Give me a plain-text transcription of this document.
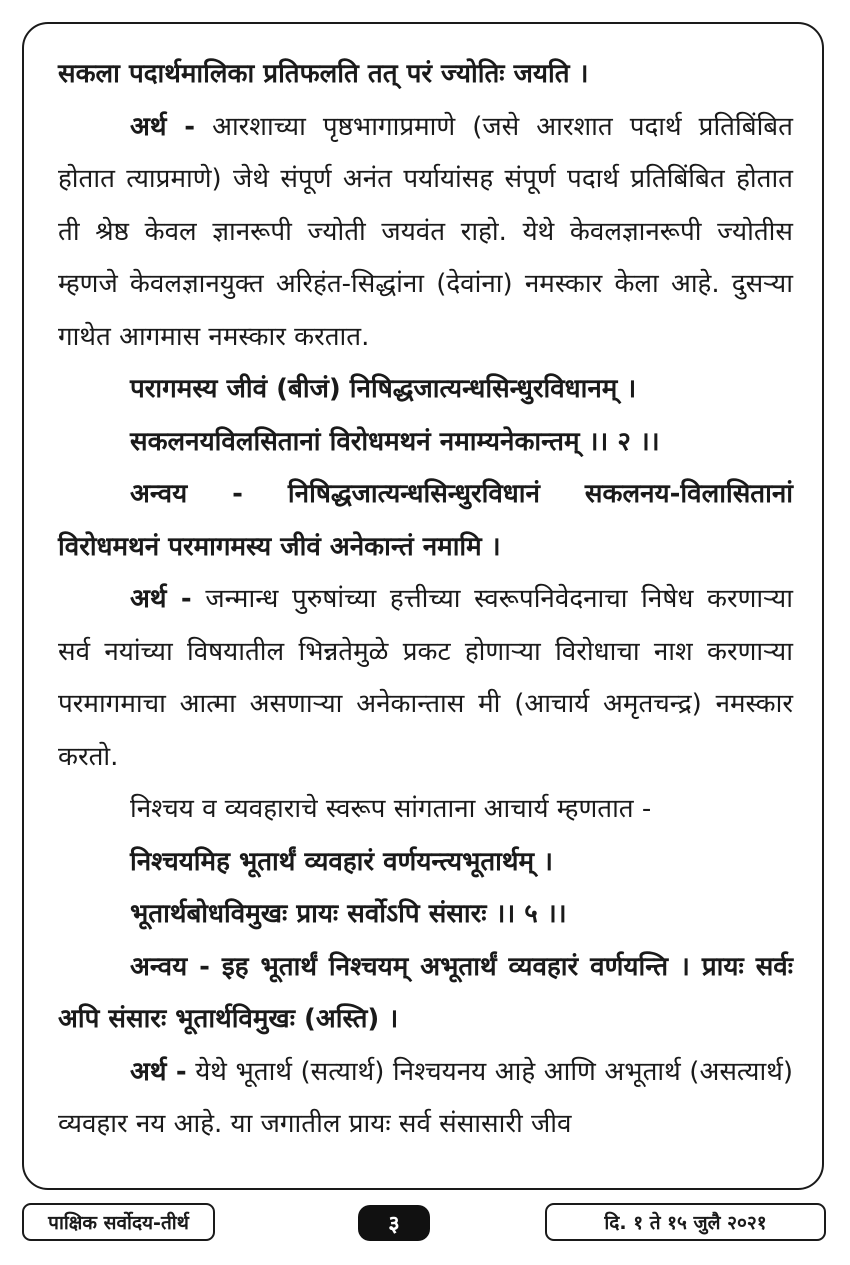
सकला पदार्थमालिका प्रतिफलति तत् परं ज्योतिः जयति ।

अर्थ - आरशाच्या पृष्ठभागाप्रमाणे (जसे आरशात पदार्थ प्रतिबिंबित होतात त्याप्रमाणे) जेथे संपूर्ण अनंत पर्यायांसह संपूर्ण पदार्थ प्रतिबिंबित होतात ती श्रेष्ठ केवल ज्ञानरूपी ज्योती जयवंत राहो. येथे केवलज्ञानरूपी ज्योतीस म्हणजे केवलज्ञानयुक्त अरिहंत-सिद्धांना (देवांना) नमस्कार केला आहे. दुसऱ्या गाथेत आगमास नमस्कार करतात.

परागमस्य जीवं (बीजं) निषिद्धजात्यन्धसिन्धुरविधानम् ।

सकलनयविलसितानां विरोधमथनं नमाम्यनेकान्तम् ।। २ ।।

अन्वय - निषिद्धजात्यन्धसिन्धुरविधानं सकलनय-विलासितानां विरोधमथनं परमागमस्य जीवं अनेकान्तं नमामि ।

अर्थ - जन्मान्ध पुरुषांच्या हत्तीच्या स्वरूपनिवेदनाचा निषेध करणाऱ्या सर्व नयांच्या विषयातील भिन्नतेमुळे प्रकट होणाऱ्या विरोधाचा नाश करणाऱ्या परमागमाचा आत्मा असणाऱ्या अनेकान्तास मी (आचार्य अमृतचन्द्र) नमस्कार करतो.

निश्चय व व्यवहाराचे स्वरूप सांगताना आचार्य म्हणतात -

निश्चयमिह भूतार्थं व्यवहारं वर्णयन्त्यभूतार्थम् ।

भूतार्थबोधविमुखः प्रायः सर्वोऽपि संसारः ।। ५ ।।

अन्वय - इह भूतार्थं निश्चयम् अभूतार्थं व्यवहारं वर्णयन्ति । प्रायः सर्वः अपि संसारः भूतार्थविमुखः (अस्ति) ।

अर्थ - येथे भूतार्थ (सत्यार्थ) निश्चयनय आहे आणि अभूतार्थ (असत्यार्थ) व्यवहार नय आहे. या जगातील प्रायः सर्व संसासारी जीव

पाक्षिक सर्वोदय-तीर्थ	३	दि. १ ते १५ जुलै २०२१
